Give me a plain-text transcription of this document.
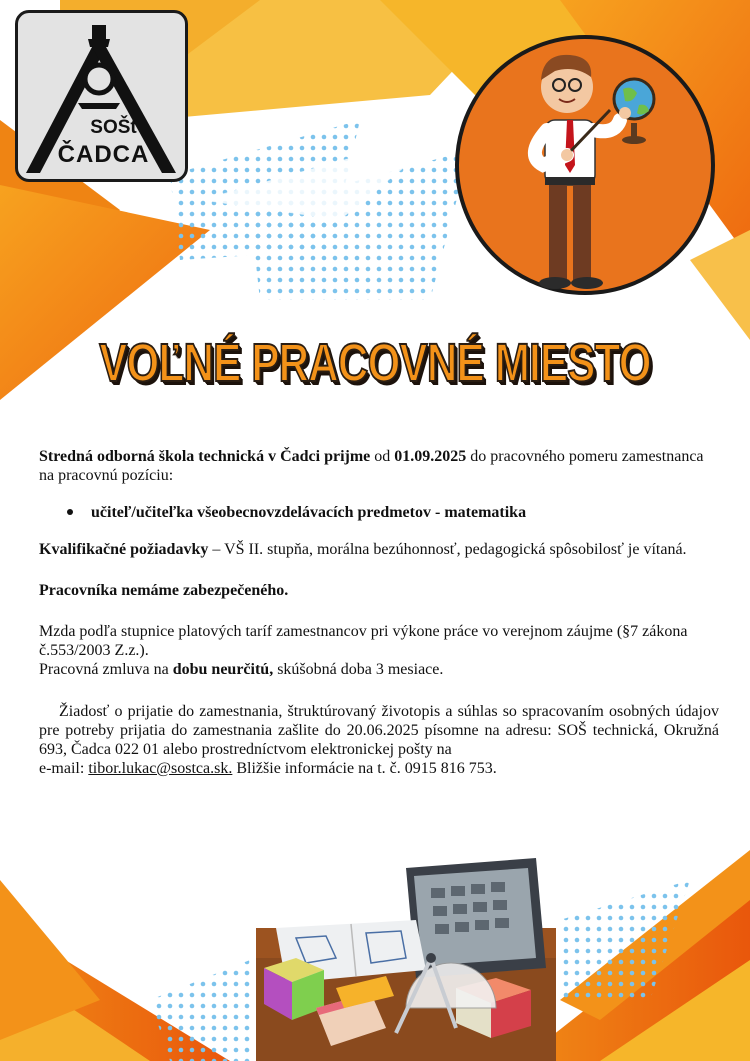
SOŠt
ČADCA
VOĽNÉ PRACOVNÉ MIESTO

Stredná odborná škola technická v Čadci prijme od 01.09.2025 do pracovného pomeru zamestnanca na pracovnú pozíciu:

učiteľ/učiteľka všeobecnovzdelávacích predmetov - matematika

Kvalifikačné požiadavky – VŠ II. stupňa, morálna bezúhonnosť, pedagogická spôsobilosť je vítaná.

Pracovníka nemáme zabezpečeného.

Mzda podľa stupnice platových taríf zamestnancov pri výkone práce vo verejnom záujme (§7 zákona č.553/2003 Z.z.).

Pracovná zmluva na dobu neurčitú, skúšobná doba 3 mesiace.

Žiadosť o prijatie do zamestnania, štruktúrovaný životopis a súhlas so spracovaním osobných údajov pre potreby prijatia do zamestnania zašlite do 20.06.2025 písomne na adresu: SOŠ technická, Okružná 693, Čadca 022 01 alebo prostredníctvom elektronickej pošty na

e-mail: tibor.lukac@sostca.sk. Bližšie informácie na t. č. 0915 816 753.
